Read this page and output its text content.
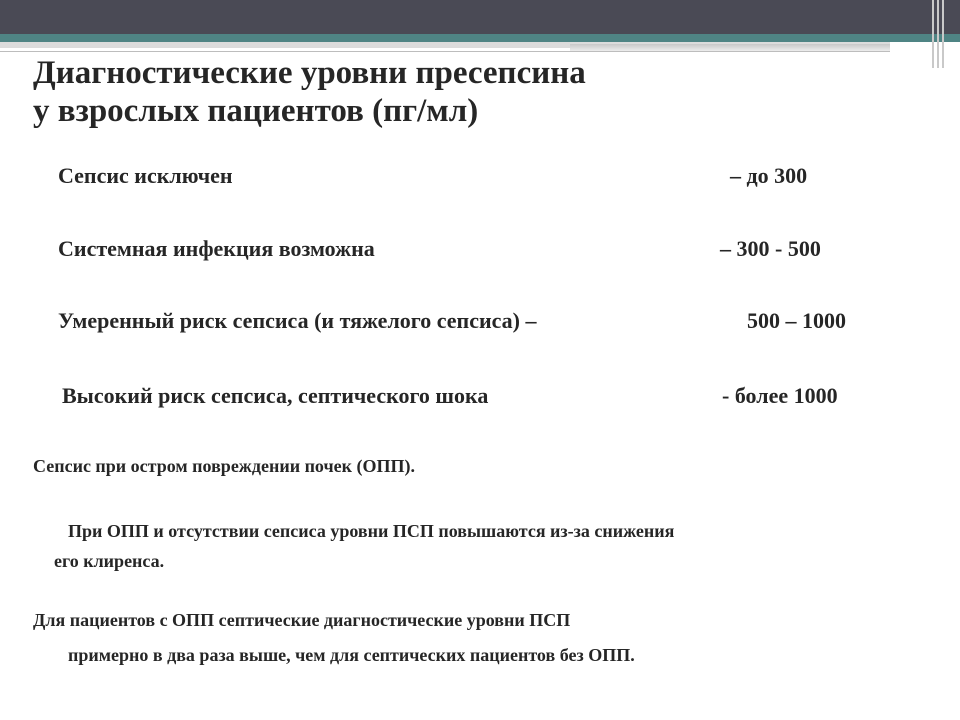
Диагностические уровни пресепсина
у взрослых пациентов (пг/мл)
Сепсис исключен	– до 300
Системная инфекция возможна	– 300 - 500
Умеренный риск сепсиса (и тяжелого сепсиса) –	500 – 1000
Высокий риск сепсиса, септического шока	- более 1000
Сепсис при остром повреждении почек (ОПП).
При ОПП и отсутствии сепсиса уровни ПСП повышаются из-за снижения
его клиренса.
Для пациентов с ОПП септические диагностические уровни ПСП
примерно в два раза выше, чем для септических пациентов без ОПП.
